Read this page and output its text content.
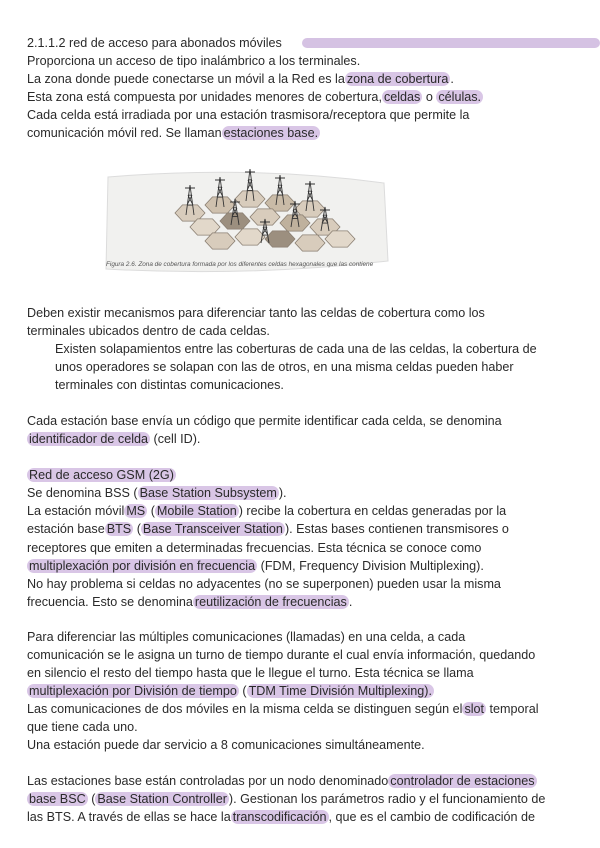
2.1.1.2 red de acceso para abonados móviles
Proporciona un acceso de tipo inalámbrico a los terminales.
La zona donde puede conectarse un móvil a la Red es la zona de cobertura .
Esta zona está compuesta por unidades menores de cobertura, celdas o células.
Cada celda está irradiada por una estación trasmisora/receptora que permite la
comunicación móvil red. Se llaman estaciones base.
Figura 2.6. Zona de cobertura formada por los diferentes celdas hexagonales que las contiene
Deben existir mecanismos para diferenciar tanto las celdas de cobertura como los
terminales ubicados dentro de cada celdas.
Existen solapamientos entre las coberturas de cada una de las celdas, la cobertura de
unos operadores se solapan con las de otros, en una misma celdas pueden haber
terminales con distintas comunicaciones.
Cada estación base envía un código que permite identificar cada celda, se denomina
identificador de celda (cell ID).
Red de acceso GSM (2G)
Se denomina BSS ( Base Station Subsystem ).
La estación móvil MS ( Mobile Station ) recibe la cobertura en celdas generadas por la
estación base BTS ( Base Transceiver Station ). Estas bases contienen transmisores o
receptores que emiten a determinadas frecuencias. Esta técnica se conoce como
multiplexación por división en frecuencia (FDM, Frequency Division Multiplexing).
No hay problema si celdas no adyacentes (no se superponen) pueden usar la misma
frecuencia. Esto se denomina reutilización de frecuencias .
Para diferenciar las múltiples comunicaciones (llamadas) en una celda, a cada
comunicación se le asigna un turno de tiempo durante el cual envía información, quedando
en silencio el resto del tiempo hasta que le llegue el turno. Esta técnica se llama
multiplexación por División de tiempo ( TDM Time División Multiplexing).
Las comunicaciones de dos móviles en la misma celda se distinguen según el slot temporal
que tiene cada uno.
Una estación puede dar servicio a 8 comunicaciones simultáneamente.
Las estaciones base están controladas por un nodo denominado controlador de estaciones
base BSC ( Base Station Controller ). Gestionan los parámetros radio y el funcionamiento de
las BTS. A través de ellas se hace la transcodificación , que es el cambio de codificación de
